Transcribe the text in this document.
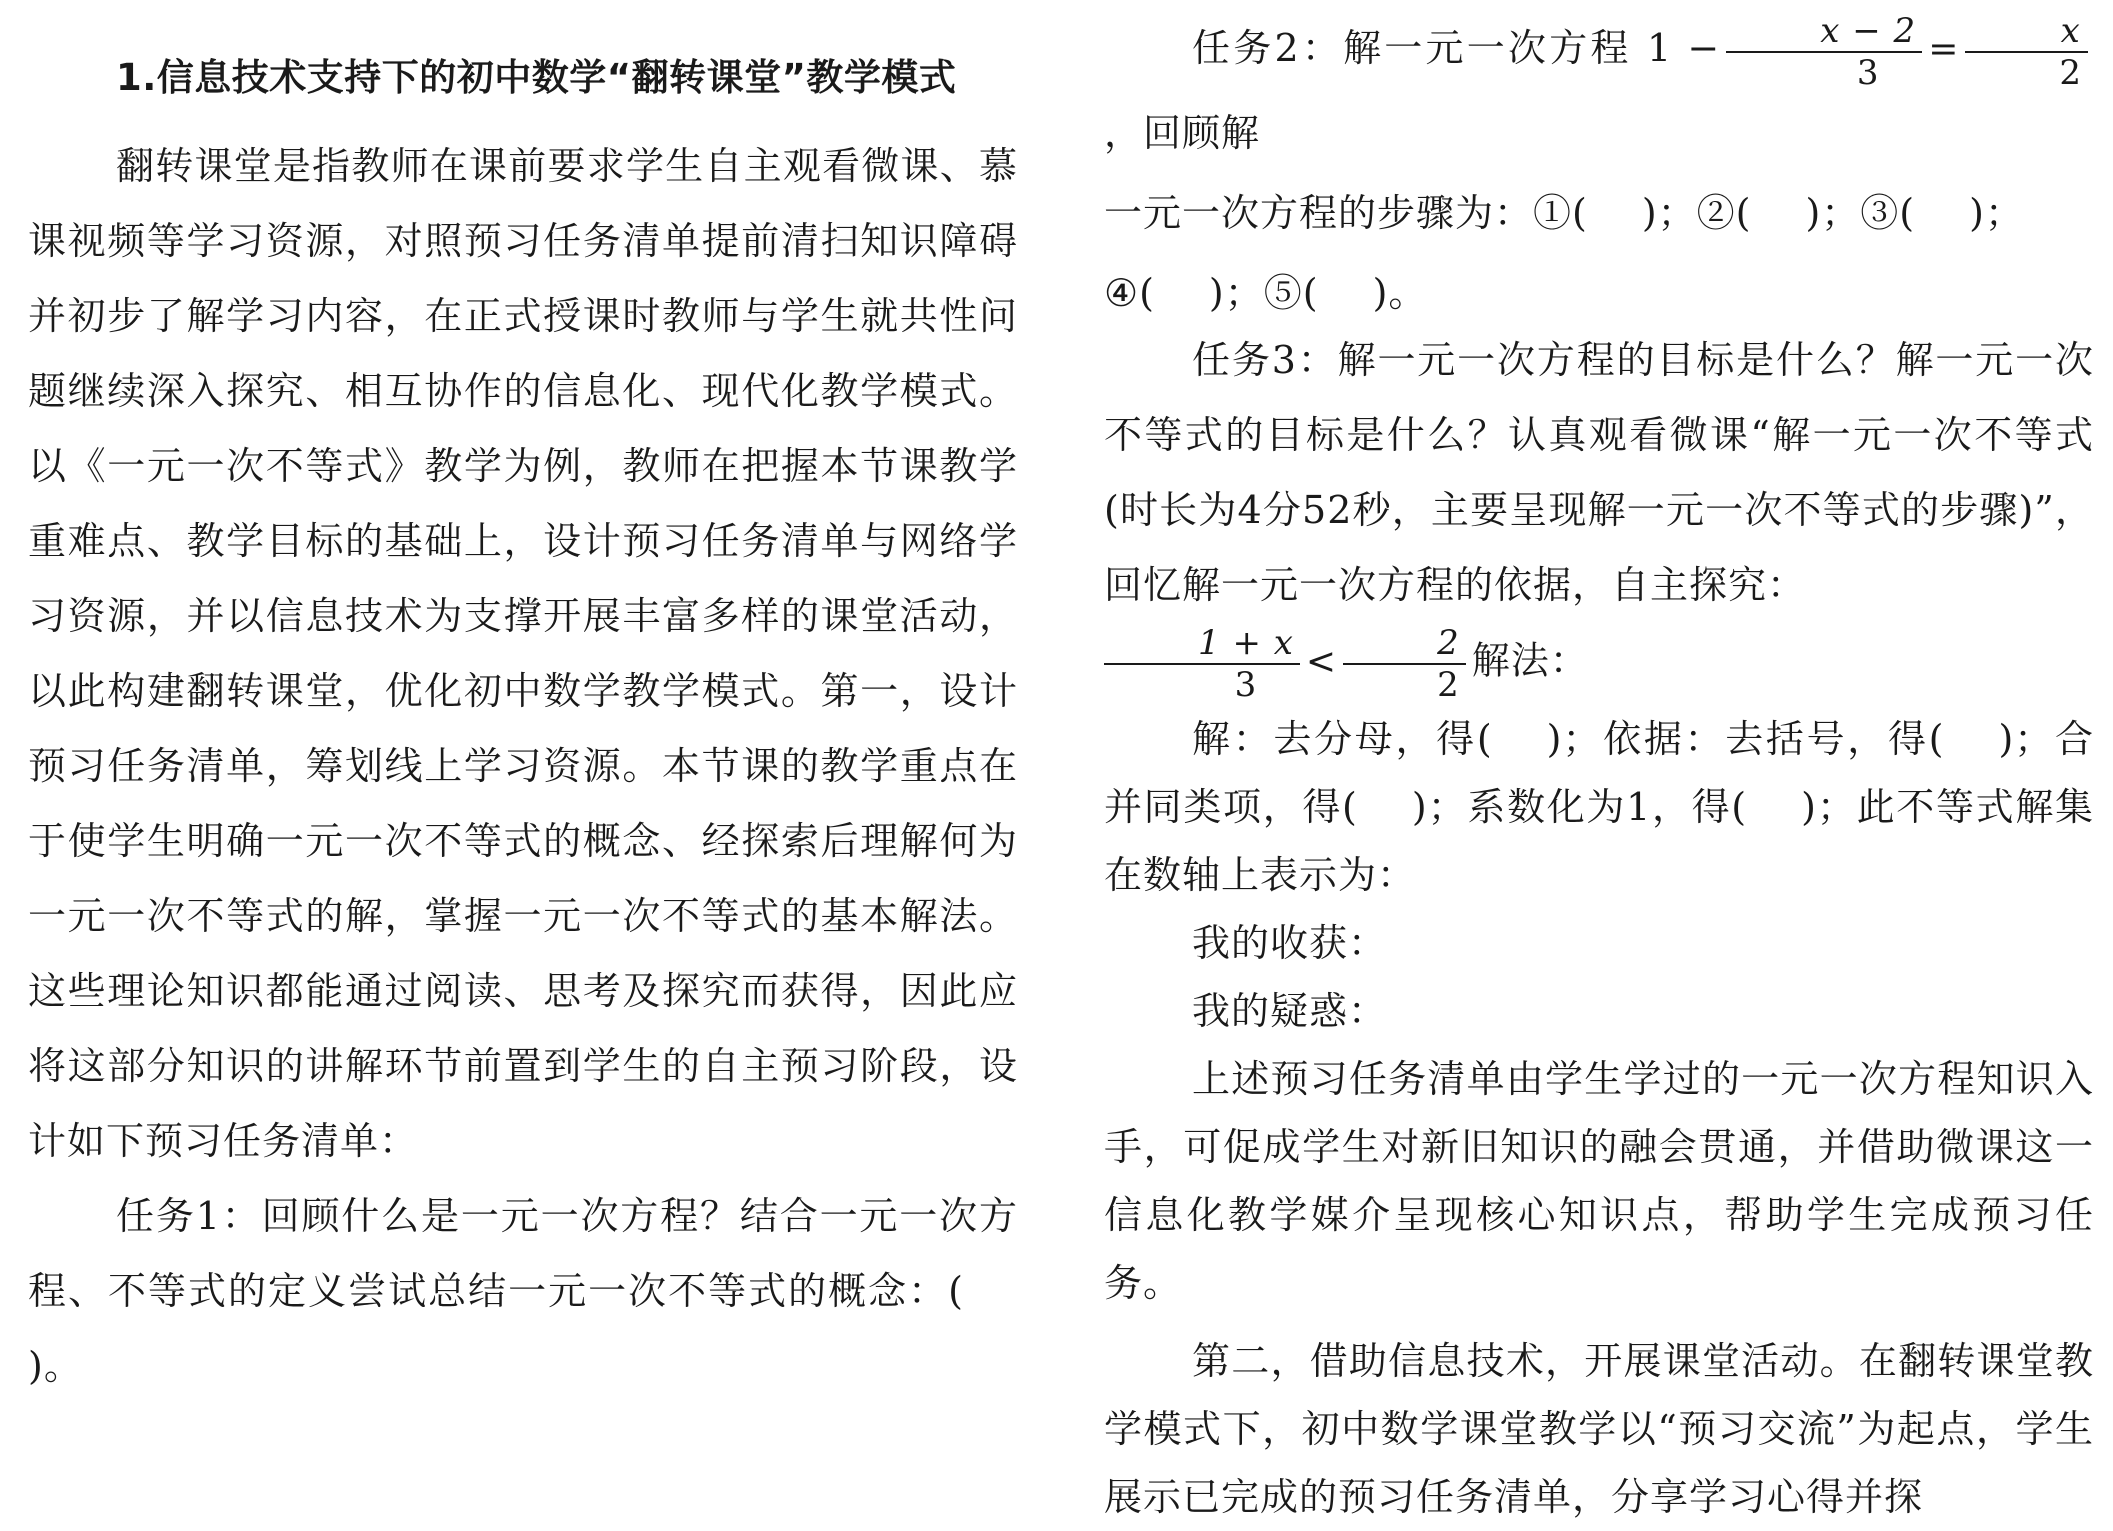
1.信息技术支持下的初中数学“翻转课堂”教学模式

翻转课堂是指教师在课前要求学生自主观看微课、慕课视频等学习资源，对照预习任务清单提前清扫知识障碍并初步了解学习内容，在正式授课时教师与学生就共性问题继续深入探究、相互协作的信息化、现代化教学模式。以《一元一次不等式》教学为例，教师在把握本节课教学重难点、教学目标的基础上，设计预习任务清单与网络学习资源，并以信息技术为支撑开展丰富多样的课堂活动，以此构建翻转课堂，优化初中数学教学模式。第一，设计预习任务清单，筹划线上学习资源。本节课的教学重点在于使学生明确一元一次不等式的概念、经探索后理解何为一元一次不等式的解，掌握一元一次不等式的基本解法。这些理论知识都能通过阅读、思考及探究而获得，因此应将这部分知识的讲解环节前置到学生的自主预习阶段，设计如下预习任务清单：

任务1：回顾什么是一元一次方程？结合一元一次方程、不等式的定义尝试总结一元一次不等式的概念：()。

任务2：解一元一次方程 $1 - \frac{x - 2}{3} = \frac{x}{2}$
，回顾解
一元一次方程的步骤为：①( )；②( )；③( )；
④( )；⑤( )。

任务3：解一元一次方程的目标是什么？解一元一次不等式的目标是什么？认真观看微课“解一元一次不等式(时长为4分52秒，主要呈现解一元一次不等式的步骤)”，回忆解一元一次方程的依据，自主探究：
$\frac{1 + x}{3} < \frac{2}{2}$ 解法：

解：去分母，得( )；依据：去括号，得( )；合并同类项，得( )；系数化为1，得( )；此不等式解集在数轴上表示为：

我的收获：

我的疑惑：

上述预习任务清单由学生学过的一元一次方程知识入手，可促成学生对新旧知识的融会贯通，并借助微课这一信息化教学媒介呈现核心知识点，帮助学生完成预习任务。

第二，借助信息技术，开展课堂活动。在翻转课堂教学模式下，初中数学课堂教学以“预习交流”为起点，学生展示已完成的预习任务清单，分享学习心得并探
